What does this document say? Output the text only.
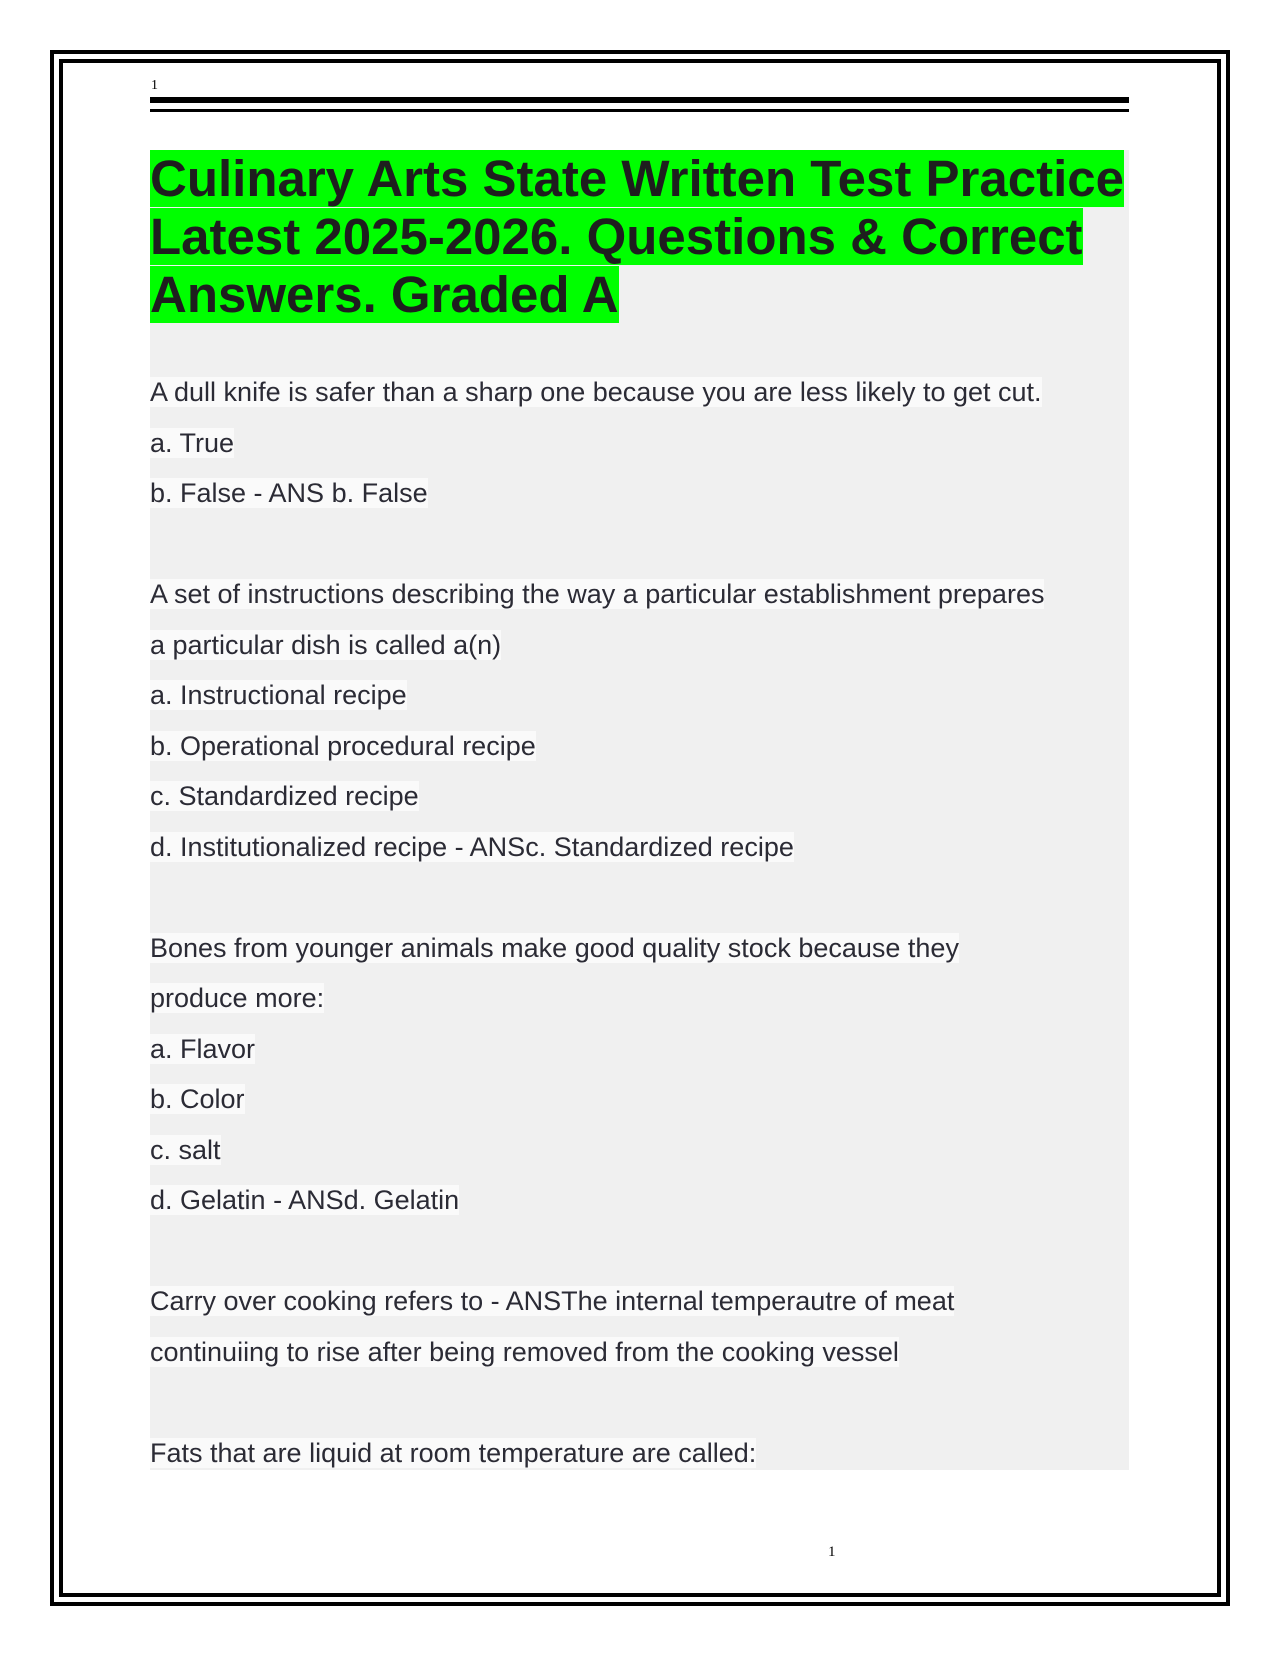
1
Culinary Arts State Written Test Practice Latest 2025-2026. Questions & Correct Answers. Graded A
A dull knife is safer than a sharp one because you are less likely to get cut.
a. True
b. False - ANS b. False
A set of instructions describing the way a particular establishment prepares
a particular dish is called a(n)
a. Instructional recipe
b. Operational procedural recipe
c. Standardized recipe
d. Institutionalized recipe - ANSc. Standardized recipe
Bones from younger animals make good quality stock because they
produce more:
a. Flavor
b. Color
c. salt
d. Gelatin - ANSd. Gelatin
Carry over cooking refers to - ANSThe internal temperautre of meat
continuiing to rise after being removed from the cooking vessel
Fats that are liquid at room temperature are called:
1
